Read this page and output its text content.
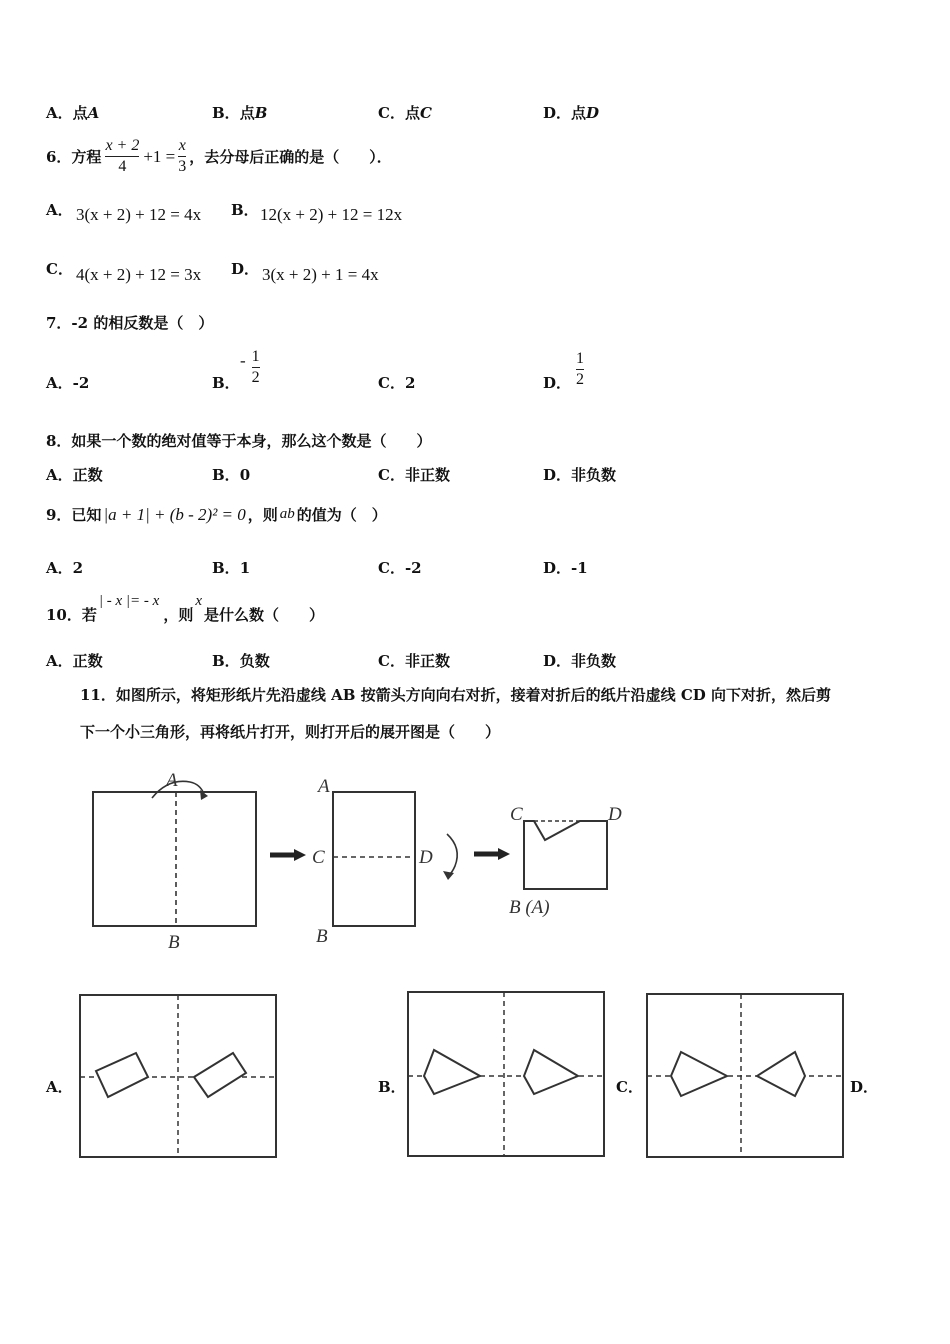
A．点A	B．点B	C．点C	D．点D
6．方程 $\frac{x + 2}{4} +1 = \frac{x}{3}$ ，去分母后正确的是（　　）．
A． 3(x + 2) + 12 = 4x B． 12(x + 2) + 12 = 12x
C． 4(x + 2) + 12 = 3x D． 3(x + 2) + 1 = 4x
7．-2 的相反数是（　）
A．-2	B．
- $\frac{1}{2}$	C．2	D． $\frac{1}{2}$
8．如果一个数的绝对值等于本身，那么这个数是（　　）
A．正数	B．0	C．非正数	D．非负数
9．已知 |a + 1| + (b - 2)² = 0 ，则 ab 的值为（　）
A．2	B．1	C．-2	D．-1
10．若
| - x |= - x
，则
x
是什么数（　　）
A．正数	B．负数	C．非正数	D．非负数
11．如图所示，将矩形纸片先沿虚线 AB 按箭头方向向右对折，接着对折后的纸片沿虚线 CD 向下对折，然后剪
下一个小三角形，再将纸片打开，则打开后的展开图是（　　）
A
B
A
C	D
B
C	D
B (A)
A．	B．	C．	D．
